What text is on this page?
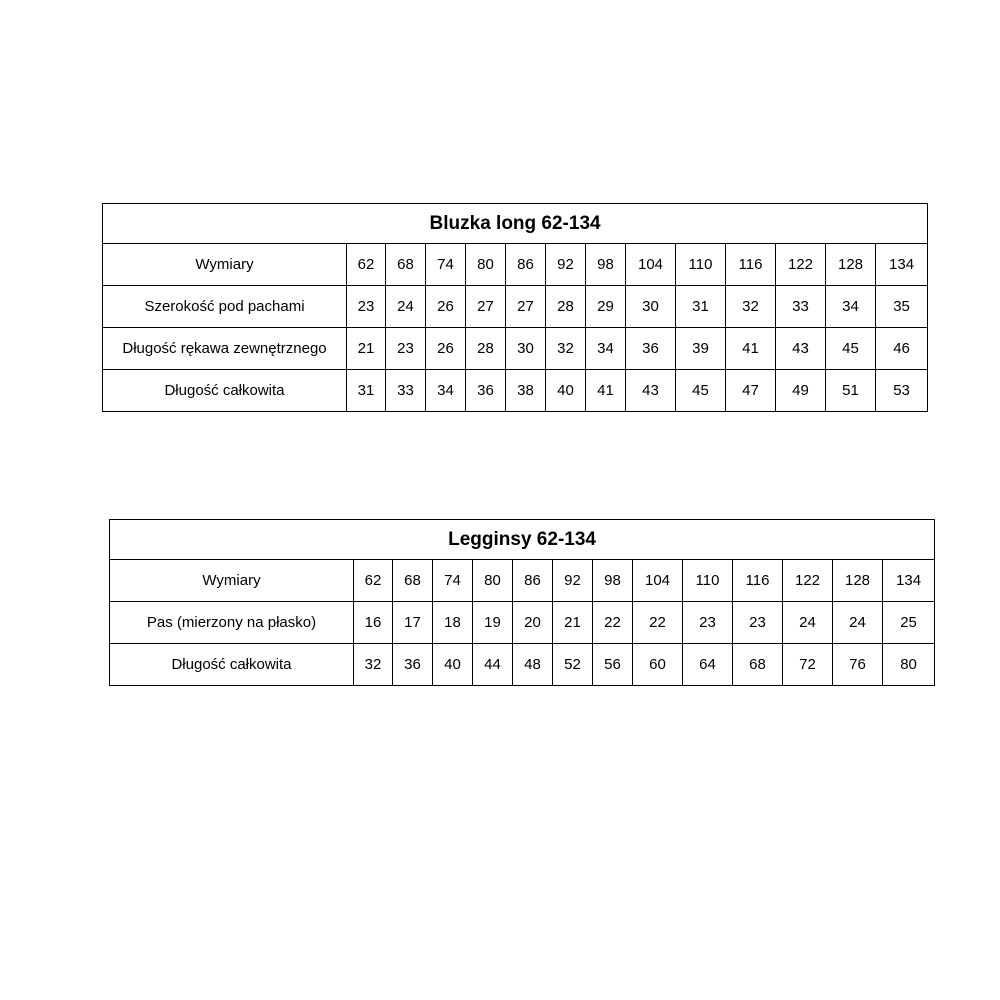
Bluzka long 62-134													
Wymiary	62	68	74	80	86	92	98	104	110	116	122	128	134
Szerokość pod pachami	23	24	26	27	27	28	29	30	31	32	33	34	35
Długość rękawa zewnętrznego	21	23	26	28	30	32	34	36	39	41	43	45	46
Długość całkowita	31	33	34	36	38	40	41	43	45	47	49	51	53
Legginsy 62-134													
Wymiary	62	68	74	80	86	92	98	104	110	116	122	128	134
Pas (mierzony na płasko)	16	17	18	19	20	21	22	22	23	23	24	24	25
Długość całkowita	32	36	40	44	48	52	56	60	64	68	72	76	80
